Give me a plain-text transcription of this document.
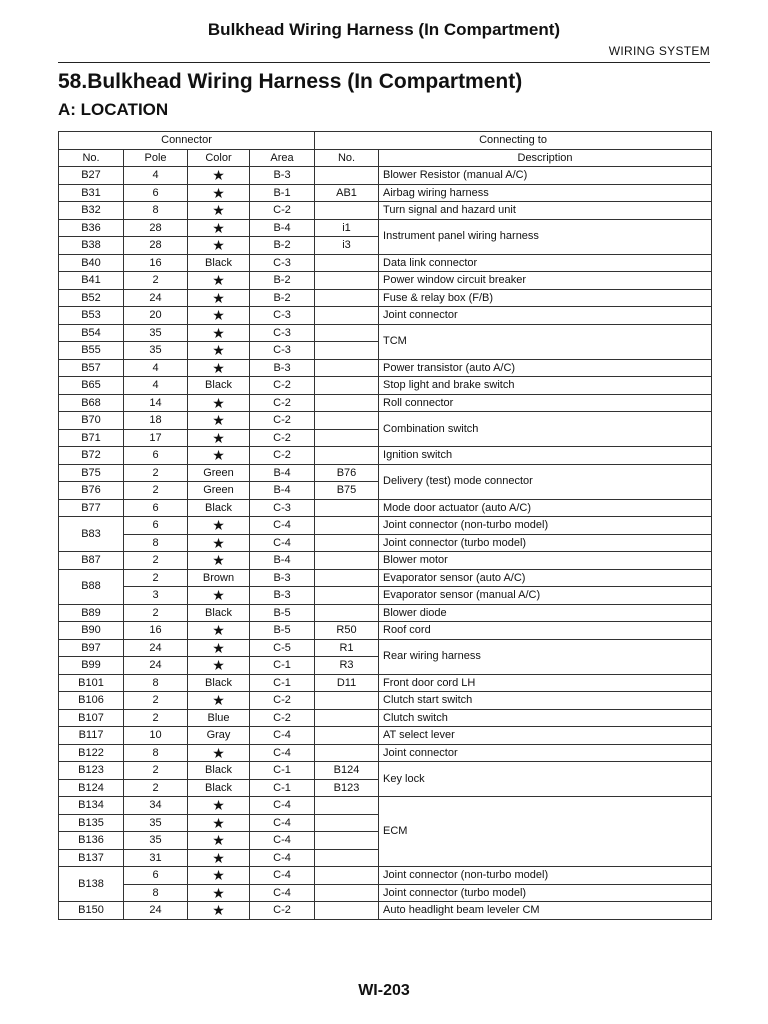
Bulkhead Wiring Harness (In Compartment)
WIRING SYSTEM
58.Bulkhead Wiring Harness (In Compartment)
A: LOCATION
Connector				Connecting to	
No.	Pole	Color	Area	No.	Description
B27	4	★	B-3		Blower Resistor (manual A/C)
B31	6	★	B-1	AB1	Airbag wiring harness
B32	8	★	C-2		Turn signal and hazard unit
B36	28	★	B-4	i1	Instrument panel wiring harness
B38	28	★	B-2	i3	
B40	16	Black	C-3		Data link connector
B41	2	★	B-2		Power window circuit breaker
B52	24	★	B-2		Fuse & relay box (F/B)
B53	20	★	C-3		Joint connector
B54	35	★	C-3		TCM
B55	35	★	C-3		
B57	4	★	B-3		Power transistor (auto A/C)
B65	4	Black	C-2		Stop light and brake switch
B68	14	★	C-2		Roll connector
B70	18	★	C-2		Combination switch
B71	17	★	C-2		
B72	6	★	C-2		Ignition switch
B75	2	Green	B-4	B76	Delivery (test) mode connector
B76	2	Green	B-4	B75	
B77	6	Black	C-3		Mode door actuator (auto A/C)
B83	6	★	C-4		Joint connector (non-turbo model)
	8	★	C-4		Joint connector (turbo model)
B87	2	★	B-4		Blower motor
B88	2	Brown	B-3		Evaporator sensor (auto A/C)
	3	★	B-3		Evaporator sensor (manual A/C)
B89	2	Black	B-5		Blower diode
B90	16	★	B-5	R50	Roof cord
B97	24	★	C-5	R1	Rear wiring harness
B99	24	★	C-1	R3	
B101	8	Black	C-1	D11	Front door cord LH
B106	2	★	C-2		Clutch start switch
B107	2	Blue	C-2		Clutch switch
B117	10	Gray	C-4		AT select lever
B122	8	★	C-4		Joint connector
B123	2	Black	C-1	B124	Key lock
B124	2	Black	C-1	B123	
B134	34	★	C-4		ECM
B135	35	★	C-4		
B136	35	★	C-4		
B137	31	★	C-4		
B138	6	★	C-4		Joint connector (non-turbo model)
	8	★	C-4		Joint connector (turbo model)
B150	24	★	C-2		Auto headlight beam leveler CM
WI-203
